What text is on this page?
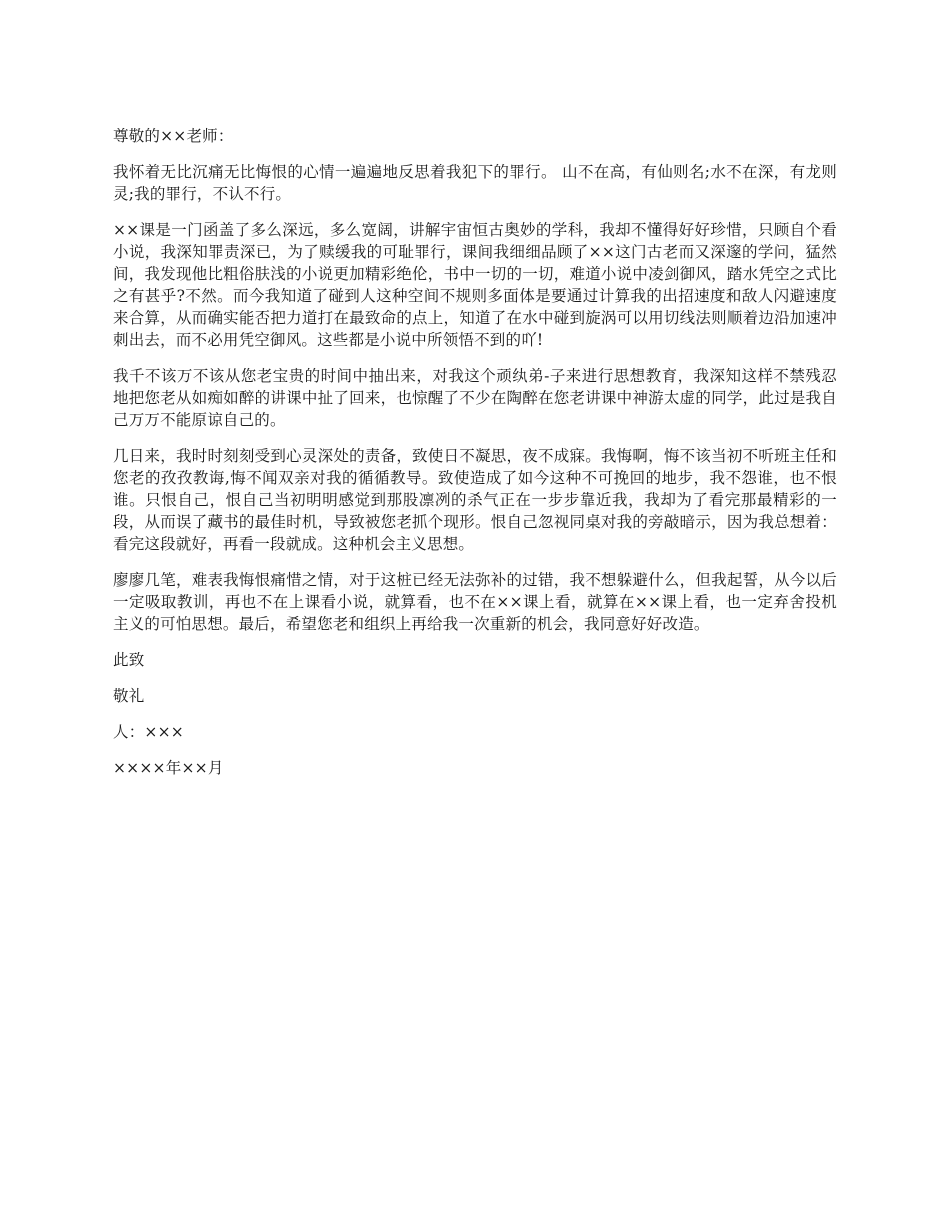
尊敬的××老师：

我怀着无比沉痛无比悔恨的心情一遍遍地反思着我犯下的罪行。 山不在高，有仙则名;水不在深，有龙则灵;我的罪行，不认不行。

××课是一门函盖了多么深远，多么宽阔，讲解宇宙恒古奥妙的学科，我却不懂得好好珍惜，只顾自个看小说，我深知罪责深已，为了赎缓我的可耻罪行，课间我细细品顾了××这门古老而又深邃的学问，猛然间，我发现他比粗俗肤浅的小说更加精彩绝伦，书中一切的一切，难道小说中凌剑御风，踏水凭空之式比之有甚乎?不然。而今我知道了碰到人这种空间不规则多面体是要通过计算我的出招速度和敌人闪避速度来合算，从而确实能否把力道打在最致命的点上，知道了在水中碰到旋涡可以用切线法则顺着边沿加速冲刺出去，而不必用凭空御风。这些都是小说中所领悟不到的吖!

我千不该万不该从您老宝贵的时间中抽出来，对我这个顽纨弟-子来进行思想教育，我深知这样不禁残忍地把您老从如痴如醉的讲课中扯了回来，也惊醒了不少在陶醉在您老讲课中神游太虚的同学，此过是我自己万万不能原谅自己的。

几日来，我时时刻刻受到心灵深处的责备，致使日不凝思，夜不成寐。我悔啊，悔不该当初不听班主任和您老的孜孜教诲,悔不闻双亲对我的循循教导。致使造成了如今这种不可挽回的地步，我不怨谁，也不恨谁。只恨自己，恨自己当初明明感觉到那股凛冽的杀气正在一步步靠近我，我却为了看完那最精彩的一段，从而误了藏书的最佳时机，导致被您老抓个现形。恨自己忽视同桌对我的旁敲暗示，因为我总想着：看完这段就好，再看一段就成。这种机会主义思想。

廖廖几笔，难表我悔恨痛惜之情，对于这桩已经无法弥补的过错，我不想躲避什么，但我起誓，从今以后一定吸取教训，再也不在上课看小说，就算看，也不在××课上看，就算在××课上看，也一定弃舍投机主义的可怕思想。最后，希望您老和组织上再给我一次重新的机会，我同意好好改造。

此致

敬礼

人：×××

××××年××月
